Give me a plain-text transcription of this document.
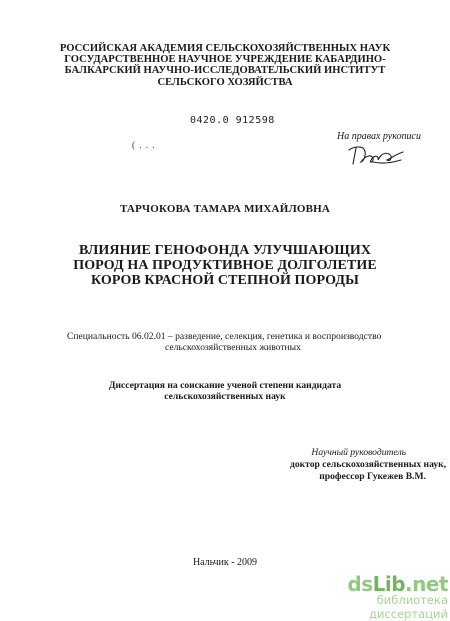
РОССИЙСКАЯ АКАДЕМИЯ СЕЛЬСКОХОЗЯЙСТВЕННЫХ НАУК
ГОСУДАРСТВЕННОЕ НАУЧНОЕ УЧРЕЖДЕНИЕ КАБАРДИНО-
БАЛКАРСКИЙ НАУЧНО-ИССЛЕДОВАТЕЛЬСКИЙ ИНСТИТУТ
СЕЛЬСКОГО ХОЗЯЙСТВА
0420.0 912598
( . . .
На правах рукописи
ТАРЧОКОВА ТАМАРА МИХАЙЛОВНА
ВЛИЯНИЕ ГЕНОФОНДА УЛУЧШАЮЩИХ
ПОРОД НА ПРОДУКТИВНОЕ ДОЛГОЛЕТИЕ
КОРОВ КРАСНОЙ СТЕПНОЙ ПОРОДЫ
Специальность 06.02.01 – разведение, селекция, генетика и воспроизводство
сельскохозяйственных животных
Диссертация на соискание ученой степени кандидата
сельскохозяйственных наук
Научный руководитель
доктор сельскохозяйственных наук,
профессор Гукежев В.М.
Нальчик - 2009
dsLib.net
библиотека диссертаций
